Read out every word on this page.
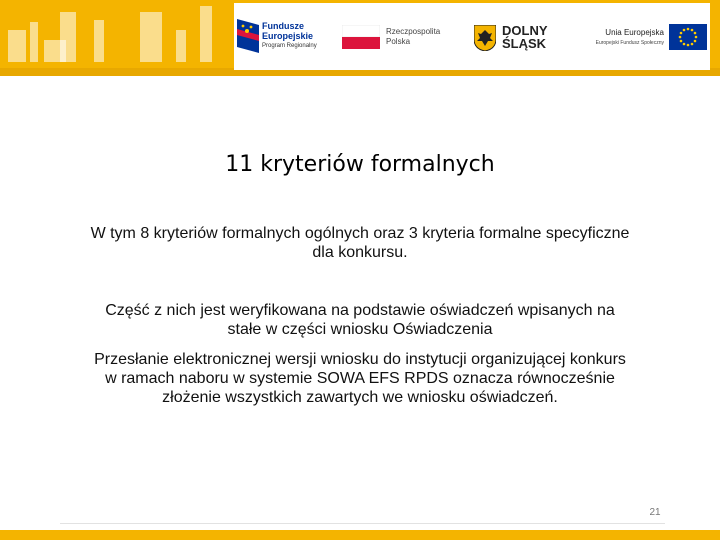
Fundusze
Europejskie
Program Regionalny
Rzeczpospolita
Polska
DOLNY
ŚLĄSK
Unia Europejska
Europejski Fundusz Społeczny
11 kryteriów formalnych
W tym 8 kryteriów formalnych ogólnych oraz 3 kryteria formalne specyficzne
dla konkursu.
Część z nich jest weryfikowana na podstawie oświadczeń wpisanych na
stałe w części wniosku Oświadczenia
Przesłanie elektronicznej wersji wniosku do instytucji organizującej konkurs
w ramach naboru w systemie SOWA EFS RPDS oznacza równocześnie
złożenie wszystkich zawartych we wniosku oświadczeń.
21
